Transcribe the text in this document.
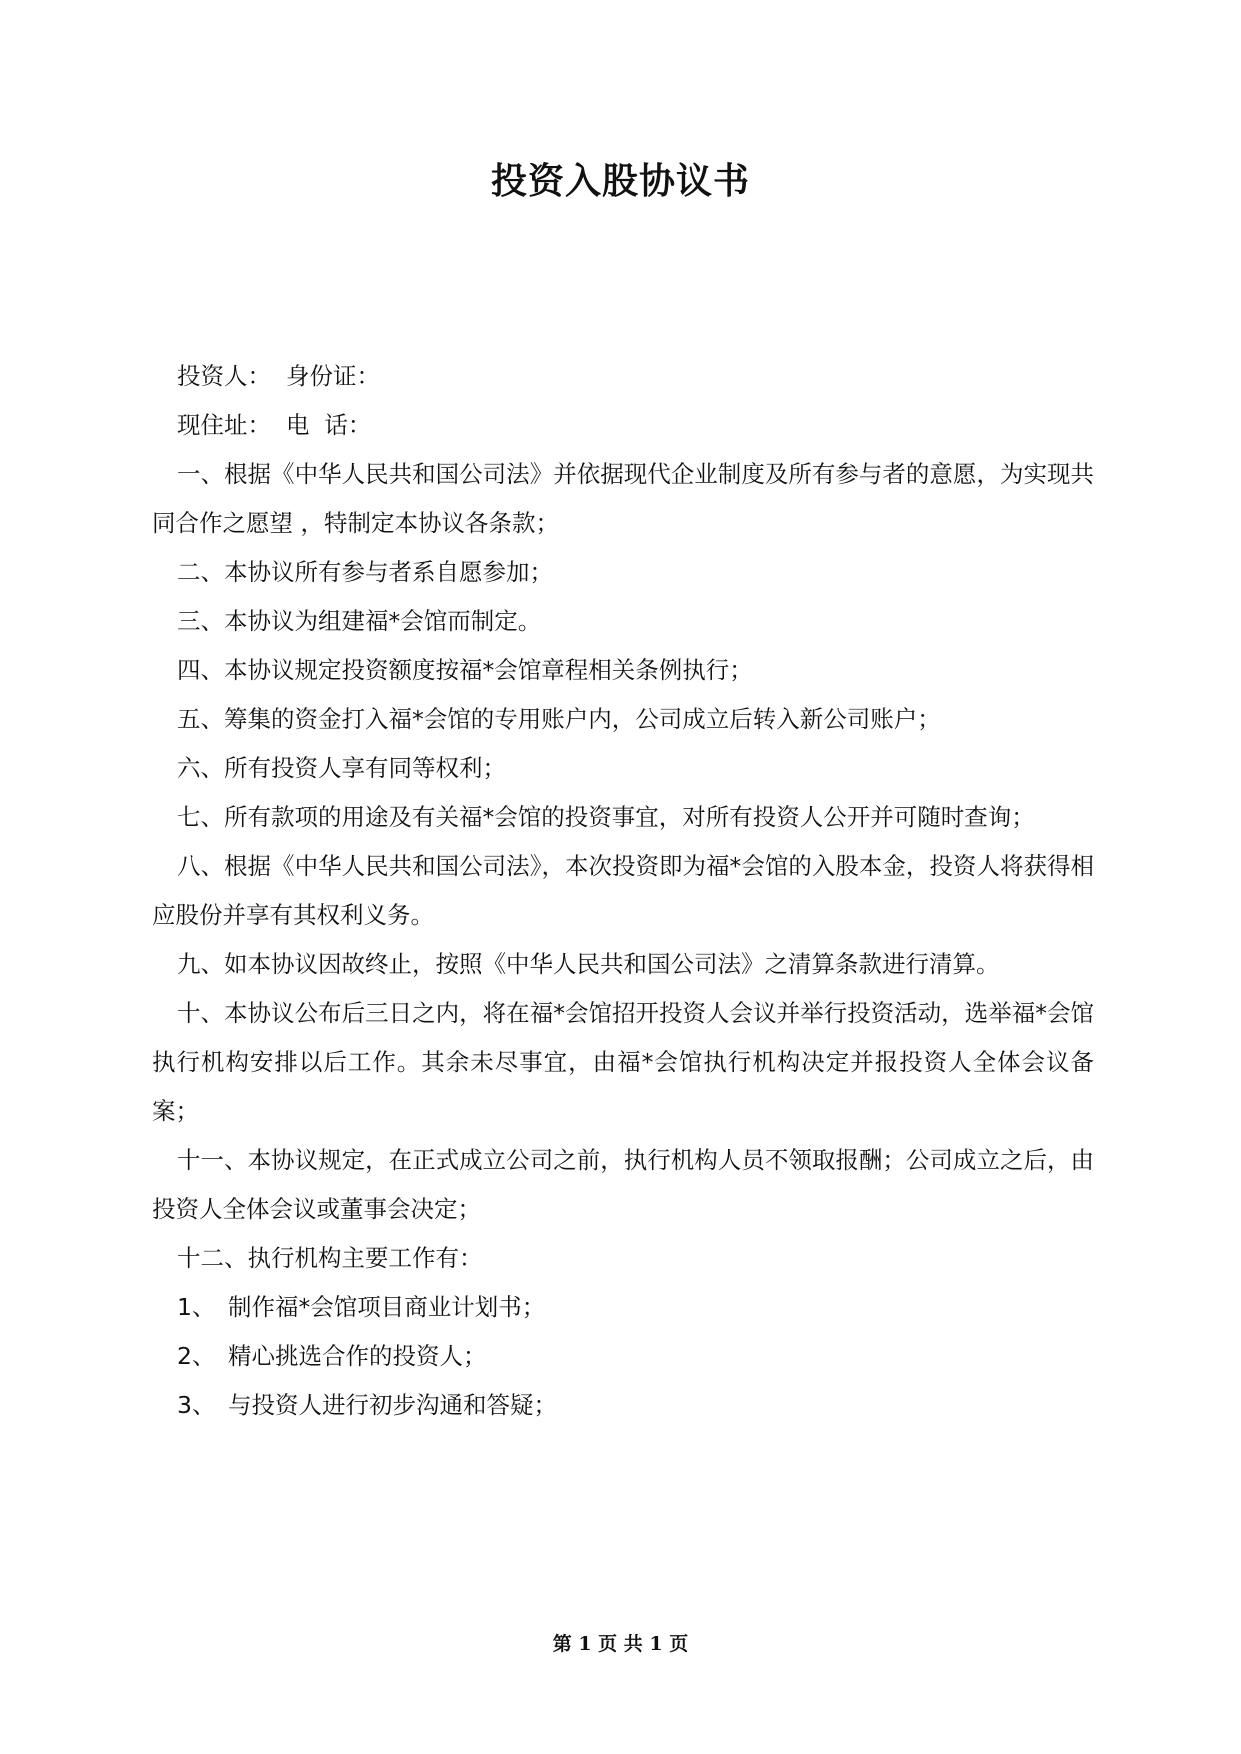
投资入股协议书

投资人：  身份证：

现住址：  电  话：

一、根据《中华人民共和国公司法》并依据现代企业制度及所有参与者的意愿，为实现共同合作之愿望 ，特制定本协议各条款；

二、本协议所有参与者系自愿参加；

三、本协议为组建福*会馆而制定。

四、本协议规定投资额度按福*会馆章程相关条例执行；

五、筹集的资金打入福*会馆的专用账户内，公司成立后转入新公司账户；

六、所有投资人享有同等权利；

七、所有款项的用途及有关福*会馆的投资事宜，对所有投资人公开并可随时查询；

八、根据《中华人民共和国公司法》，本次投资即为福*会馆的入股本金，投资人将获得相应股份并享有其权利义务。

九、如本协议因故终止，按照《中华人民共和国公司法》之清算条款进行清算。

十、本协议公布后三日之内，将在福*会馆招开投资人会议并举行投资活动，选举福*会馆执行机构安排以后工作。其余未尽事宜，由福*会馆执行机构决定并报投资人全体会议备案；

十一、本协议规定，在正式成立公司之前，执行机构人员不领取报酬；公司成立之后，由投资人全体会议或董事会决定；

十二、执行机构主要工作有：

1、 制作福*会馆项目商业计划书；

2、 精心挑选合作的投资人；

3、 与投资人进行初步沟通和答疑；

第 1 页 共 1 页
